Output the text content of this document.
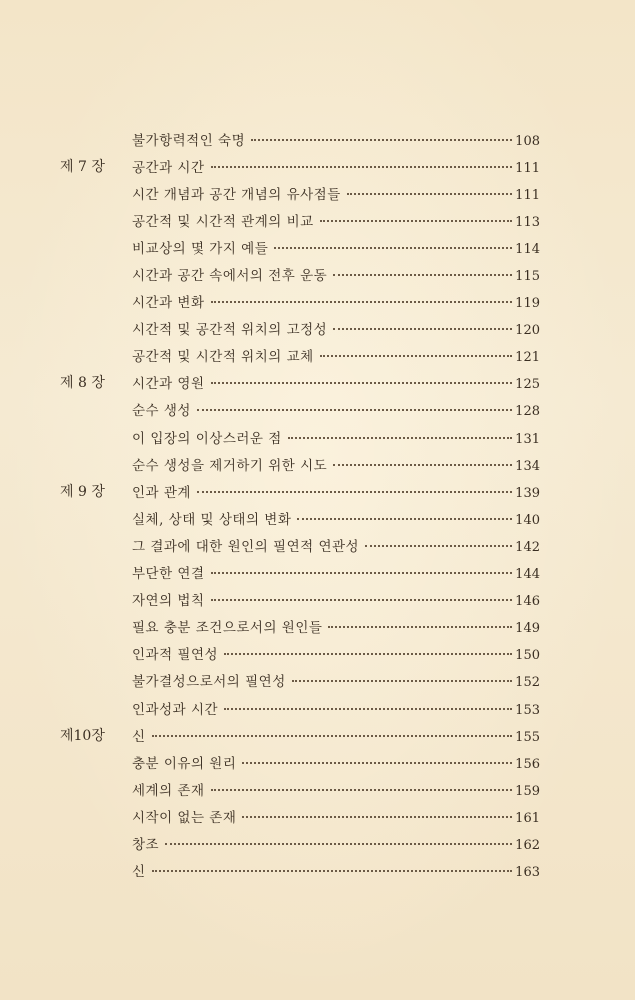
불가항력적인 숙명	108
제 7 장	공간과 시간	111
시간 개념과 공간 개념의 유사점들	111
공간적 및 시간적 관계의 비교	113
비교상의 몇 가지 예들	114
시간과 공간 속에서의 전후 운동	115
시간과 변화	119
시간적 및 공간적 위치의 고정성	120
공간적 및 시간적 위치의 교체	121
제 8 장	시간과 영원	125
순수 생성	128
이 입장의 이상스러운 점	131
순수 생성을 제거하기 위한 시도	134
제 9 장	인과 관계	139
실체, 상태 및 상태의 변화	140
그 결과에 대한 원인의 필연적 연관성	142
부단한 연결	144
자연의 법칙	146
필요 충분 조건으로서의 원인들	149
인과적 필연성	150
불가결성으로서의 필연성	152
인과성과 시간	153
제10장	신	155
충분 이유의 원리	156
세계의 존재	159
시작이 없는 존재	161
창조	162
신	163
